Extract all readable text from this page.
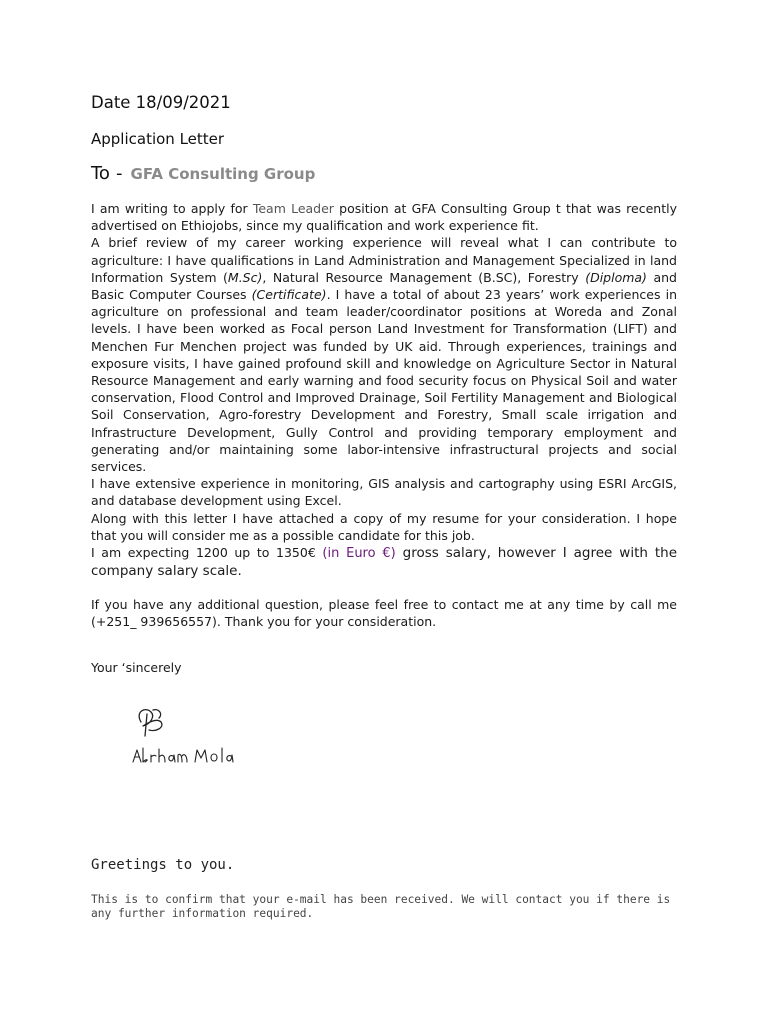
Date 18/09/2021
Application Letter
To - GFA Consulting Group

I am writing to apply for Team Leader position at GFA Consulting Group t that was recently advertised on Ethiojobs, since my qualification and work experience fit.

A brief review of my career working experience will reveal what I can contribute to agriculture: I have qualifications in Land Administration and Management Specialized in land Information System (M.Sc), Natural Resource Management (B.SC), Forestry (Diploma) and Basic Computer Courses (Certificate). I have a total of about 23 years’ work experiences in agriculture on professional and team leader/coordinator positions at Woreda and Zonal levels. I have been worked as Focal person Land Investment for Transformation (LIFT) and Menchen Fur Menchen project was funded by UK aid. Through experiences, trainings and exposure visits, I have gained profound skill and knowledge on Agriculture Sector in Natural Resource Management and early warning and food security focus on Physical Soil and water conservation, Flood Control and Improved Drainage, Soil Fertility Management and Biological Soil Conservation, Agro-forestry Development and Forestry, Small scale irrigation and Infrastructure Development, Gully Control and providing temporary employment and generating and/or maintaining some labor-intensive infrastructural projects and social services.

I have extensive experience in monitoring, GIS analysis and cartography using ESRI ArcGIS, and database development using Excel.

Along with this letter I have attached a copy of my resume for your consideration. I hope that you will consider me as a possible candidate for this job.

I am expecting 1200 up to 1350€ (in Euro €) gross salary, however I agree with the company salary scale.

If you have any additional question, please feel free to contact me at any time by call me (+251_ 939656557). Thank you for your consideration.
Your ‘sincerely
Greetings to you.
This is to confirm that your e-mail has been received. We will contact you if there is any further information required.
